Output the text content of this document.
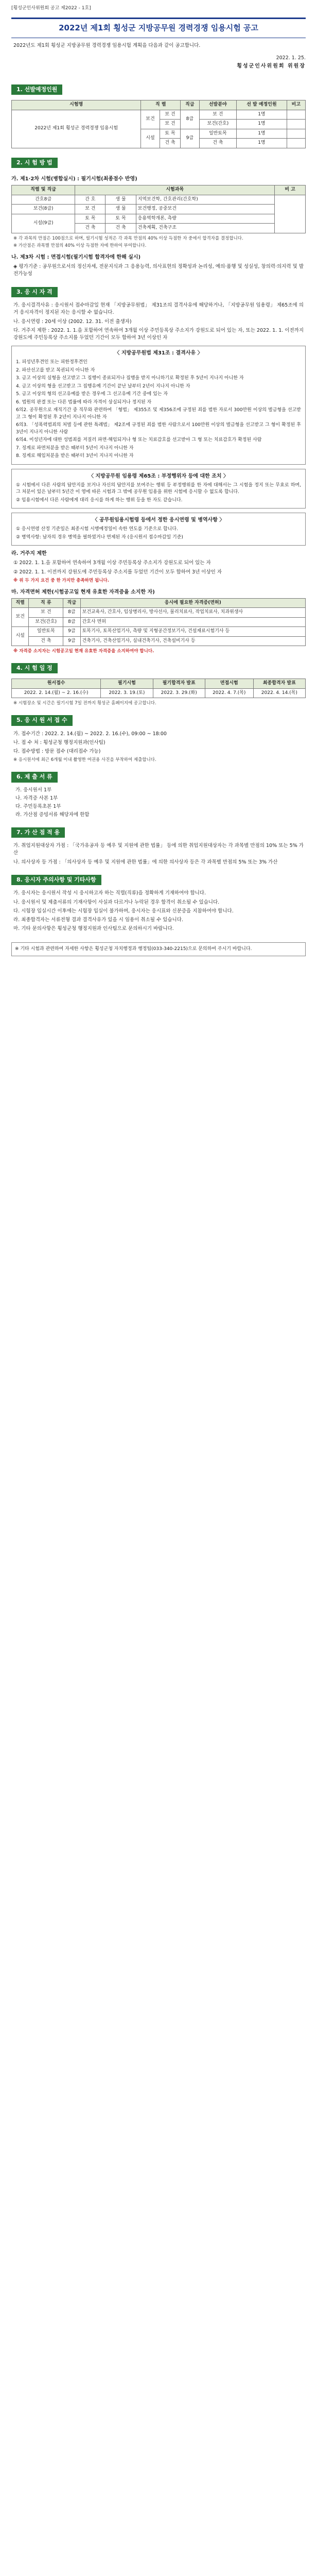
[횡성군인사위원회 공고 제2022 - 1호]
2022년 제1회 횡성군 지방공무원 경력경쟁 임용시험 공고
2022년도 제1회 횡성군 지방공무원 경력경쟁 임용시험 계획을 다음과 같이 공고합니다.
2022. 1. 25.
횡성군인사위원회 위원장
1. 선발예정인원
시험명	직 렬		직급	선발분야	선 발 예정인원	비고
2022년 제1회 횡성군 경력경쟁 임용시험	보건	보 건	8급	보 건	1명	
		보 건		보건(간호)	1명	
	시설	토 목	9급	일반토목	1명	
		건 축		건 축	1명	
2. 시 험 방 법
가. 제1·2차 시험(병합실시) : 필기시험(최종점수 반영)
직렬 및 직급	시험과목			비 고
간호8급	간 호	생 물	지역보건학, 간호관리(간호학)	
보건(8급)	보 건	생 물	보건행정, 공중보건	
시설(9급)	토 목	토 목	응용역학개론, 측량	
	건 축	건 축	건축계획, 건축구조	
※ 각 과목의 만점은 100점으로 하며, 필기시험 성적은 각 과목 만점의 40% 이상 득점한 자 중에서 합격자를 결정합니다.
※ 가산점은 과목별 만점의 40% 이상 득점한 자에 한하여 부여합니다.
나. 제3차 시험 : 면접시험(필기시험 합격자에 한해 실시)
◈ 평가기준 : 공무원으로서의 정신자세, 전문지식과 그 응용능력, 의사표현의 정확성과 논리성, 예의·품행 및 성실성, 창의력·의지력 및 발전가능성
3. 응 시 자 격
가. 응시결격사유 : 응시원서 접수마감일 현재 「지방공무원법」 제31조의 결격사유에 해당하거나, 「지방공무원 임용령」 제65조에 의거 응시자격이 정지된 자는 응시할 수 없습니다.
나. 응시연령 : 20세 이상 (2002. 12. 31. 이전 출생자)
다. 거주지 제한 : 2022. 1. 1.을 포함하여 연속하여 3개월 이상 주민등록상 주소지가 강원도로 되어 있는 자, 또는 2022. 1. 1. 이전까지 강원도에 주민등록상 주소지를 두었던 기간이 모두 합하여 3년 이상인 자
〈 지방공무원법 제31조 : 결격사유 〉

1. 피성년후견인 또는 피한정후견인

2. 파산선고를 받고 복권되지 아니한 자

3. 금고 이상의 실형을 선고받고 그 집행이 종료되거나 집행을 받지 아니하기로 확정된 후 5년이 지나지 아니한 자

4. 금고 이상의 형을 선고받고 그 집행유예 기간이 끝난 날부터 2년이 지나지 아니한 자

5. 금고 이상의 형의 선고유예를 받은 경우에 그 선고유예 기간 중에 있는 자

6. 법원의 판결 또는 다른 법률에 따라 자격이 상실되거나 정지된 자

6의2. 공무원으로 재직기간 중 직무와 관련하여 「형법」 제355조 및 제356조에 규정된 죄를 범한 자로서 300만원 이상의 벌금형을 선고받고 그 형이 확정된 후 2년이 지나지 아니한 자

6의3. 「성폭력범죄의 처벌 등에 관한 특례법」 제2조에 규정된 죄를 범한 사람으로서 100만원 이상의 벌금형을 선고받고 그 형이 확정된 후 3년이 지나지 아니한 사람

6의4. 미성년자에 대한 성범죄를 저질러 파면·해임되거나 형 또는 치료감호를 선고받아 그 형 또는 치료감호가 확정된 사람

7. 징계로 파면처분을 받은 때부터 5년이 지나지 아니한 자

8. 징계로 해임처분을 받은 때부터 3년이 지나지 아니한 자

〈 지방공무원 임용령 제65조 : 부정행위자 등에 대한 조치 〉

① 시험에서 다른 사람의 답안지를 보거나 자신의 답안지를 보여주는 행위 등 부정행위를 한 자에 대해서는 그 시험을 정지 또는 무효로 하며, 그 처분이 있은 날부터 5년간 이 영에 따른 시험과 그 밖에 공무원 임용을 위한 시험에 응시할 수 없도록 합니다.

② 임용시험에서 다른 사람에게 대리 응시를 하게 하는 행위 등을 한 자도 같습니다.

〈 공무원임용시험령 등에서 정한 응시연령 및 병역사항 〉

① 응시연령 산정 기준일은 최종시험 시행예정일이 속한 연도를 기준으로 합니다.

② 병역사항: 남자의 경우 병역을 필하였거나 면제된 자 (응시원서 접수마감일 기준)

라. 거주지 제한
① 2022. 1. 1.을 포함하여 연속하여 3개월 이상 주민등록상 주소지가 강원도로 되어 있는 자
② 2022. 1. 1. 이전까지 강원도에 주민등록상 주소지를 두었던 기간이 모두 합하여 3년 이상인 자
※ 위 두 가지 요건 중 한 가지만 충족하면 됩니다.
마. 자격면허 제한(시험공고일 현재 유효한 자격증을 소지한 자)
직렬	직 류	직급	응시에 필요한 자격증(면허)
보건	보 건	8급	보건교육사, 간호사, 임상병리사, 방사선사, 물리치료사, 작업치료사, 치과위생사
	보건(간호)	8급	간호사 면허
시설	일반토목	9급	토목기사, 토목산업기사, 측량 및 지형공간정보기사, 건설재료시험기사 등
	건 축	9급	건축기사, 건축산업기사, 실내건축기사, 건축설비기사 등
※ 자격증 소지자는 시험공고일 현재 유효한 자격증을 소지하여야 합니다.
4. 시 험 일 정
원서접수	필기시험	필기합격자 발표	면접시험	최종합격자 발표
2022. 2. 14.(월) ~ 2. 16.(수)	2022. 3. 19.(토)	2022. 3. 29.(화)	2022. 4. 7.(목)	2022. 4. 14.(목)
※ 시험장소 및 시간은 필기시험 7일 전까지 횡성군 홈페이지에 공고합니다.
5. 응 시 원 서 접 수
가. 접수기간 : 2022. 2. 14.(월) ~ 2022. 2. 16.(수), 09:00 ~ 18:00
나. 접 수 처 : 횡성군청 행정지원과(인사팀)
다. 접수방법 : 방문 접수 (대리접수 가능)
※ 응시원서에 최근 6개월 이내 촬영한 여권용 사진을 부착하여 제출합니다.
6. 제 출 서 류
가. 응시원서 1부
나. 자격증 사본 1부
다. 주민등록초본 1부
라. 가산점 증빙서류 해당자에 한함
7. 가 산 점 적 용
가. 취업지원대상자 가점 : 「국가유공자 등 예우 및 지원에 관한 법률」 등에 의한 취업지원대상자는 각 과목별 만점의 10% 또는 5% 가산
나. 의사상자 등 가점 : 「의사상자 등 예우 및 지원에 관한 법률」에 의한 의사상자 등은 각 과목별 만점의 5% 또는 3% 가산
8. 응시자 주의사항 및 기타사항
가. 응시자는 응시원서 작성 시 응시하고자 하는 직렬(직류)을 정확하게 기재하여야 합니다.
나. 응시원서 및 제출서류의 기재사항이 사실과 다르거나 누락된 경우 합격이 취소될 수 있습니다.
다. 시험장 입실시간 이후에는 시험장 입실이 불가하며, 응시자는 응시표와 신분증을 지참하여야 합니다.
라. 최종합격자는 서류전형 결과 결격사유가 있을 시 임용이 취소될 수 있습니다.
마. 기타 문의사항은 횡성군청 행정지원과 인사팀으로 문의하시기 바랍니다.
※ 기타 시험과 관련하여 자세한 사항은 횡성군청 자치행정과 행정팀(033-340-2215)으로 문의하여 주시기 바랍니다.
